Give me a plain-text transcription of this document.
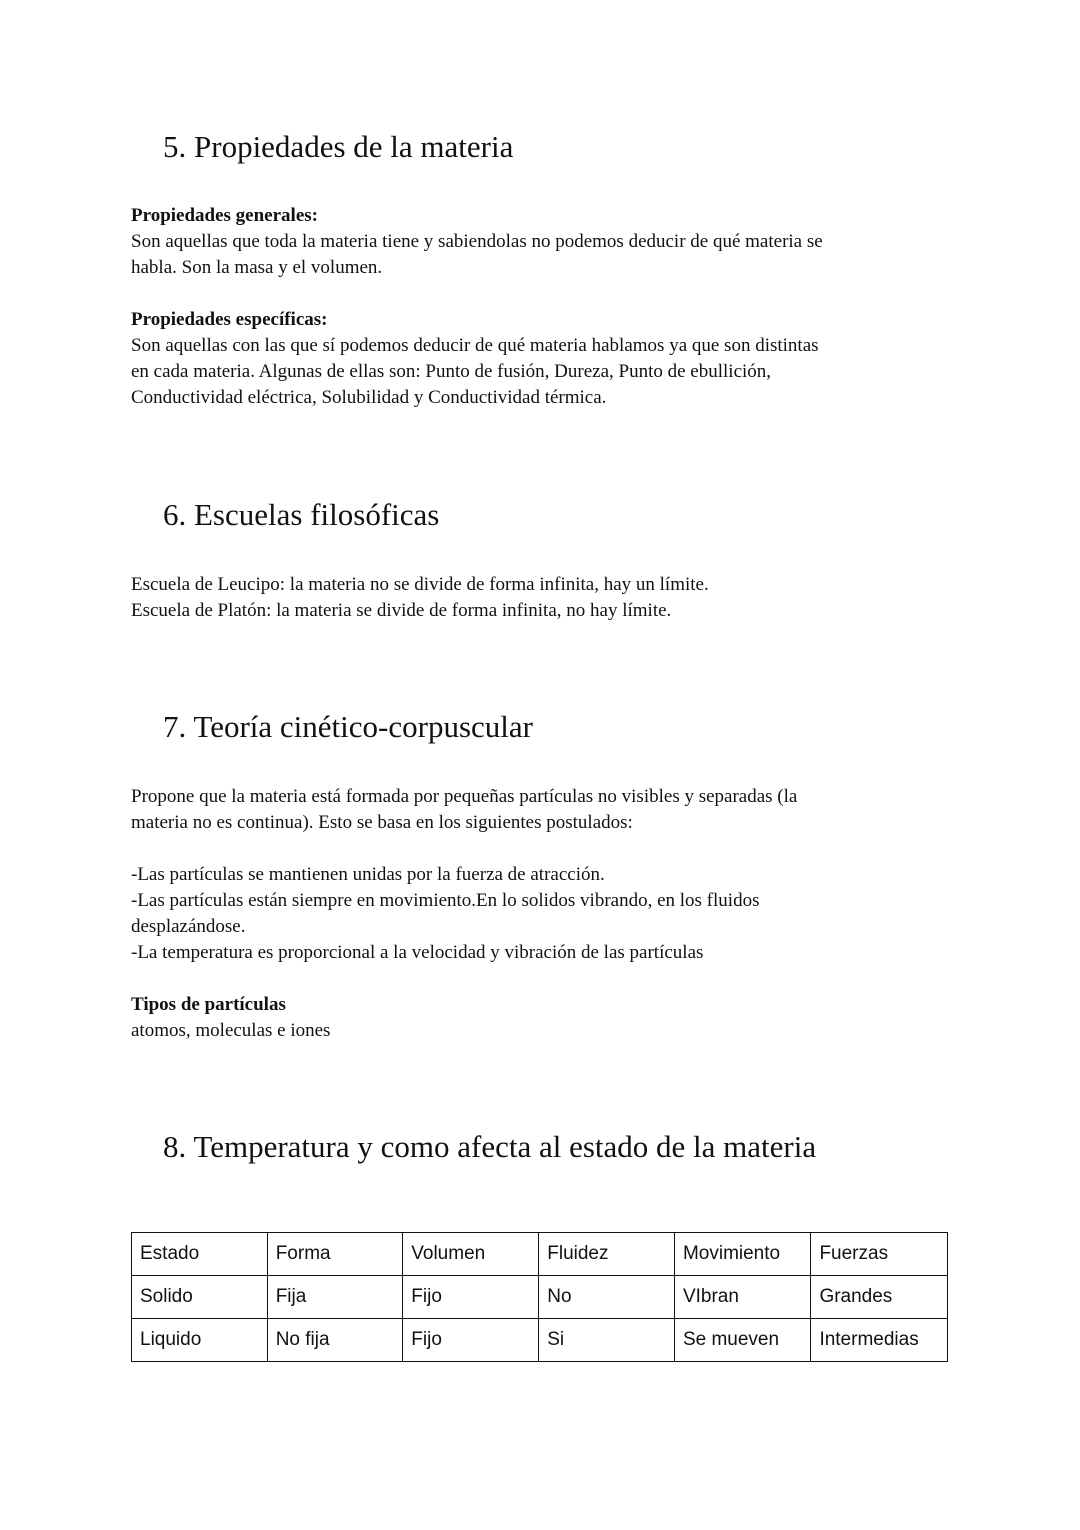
5. Propiedades de la materia

Propiedades generales:

Son aquellas que toda la materia tiene y sabiendolas no podemos deducir de qué materia se

habla. Son la masa y el volumen.

Propiedades específicas:

Son aquellas con las que sí podemos deducir de qué materia hablamos ya que son distintas

en cada materia. Algunas de ellas son: Punto de fusión, Dureza, Punto de ebullición,

Conductividad eléctrica, Solubilidad y Conductividad térmica.

6. Escuelas filosóficas

Escuela de Leucipo: la materia no se divide de forma infinita, hay un límite.

Escuela de Platón: la materia se divide de forma infinita, no hay límite.

7. Teoría cinético-corpuscular

Propone que la materia está formada por pequeñas partículas no visibles y separadas (la

materia no es continua). Esto se basa en los siguientes postulados:

-Las partículas se mantienen unidas por la fuerza de atracción.

-Las partículas están siempre en movimiento.En lo solidos vibrando, en los fluidos

desplazándose.

-La temperatura es proporcional a la velocidad y vibración de las partículas

Tipos de partículas

atomos, moleculas e iones

8. Temperatura y como afecta al estado de la materia
Estado	Forma	Volumen	Fluidez	Movimiento	Fuerzas
Solido	Fija	Fijo	No	VIbran	Grandes
Liquido	No fija	Fijo	Si	Se mueven	Intermedias
